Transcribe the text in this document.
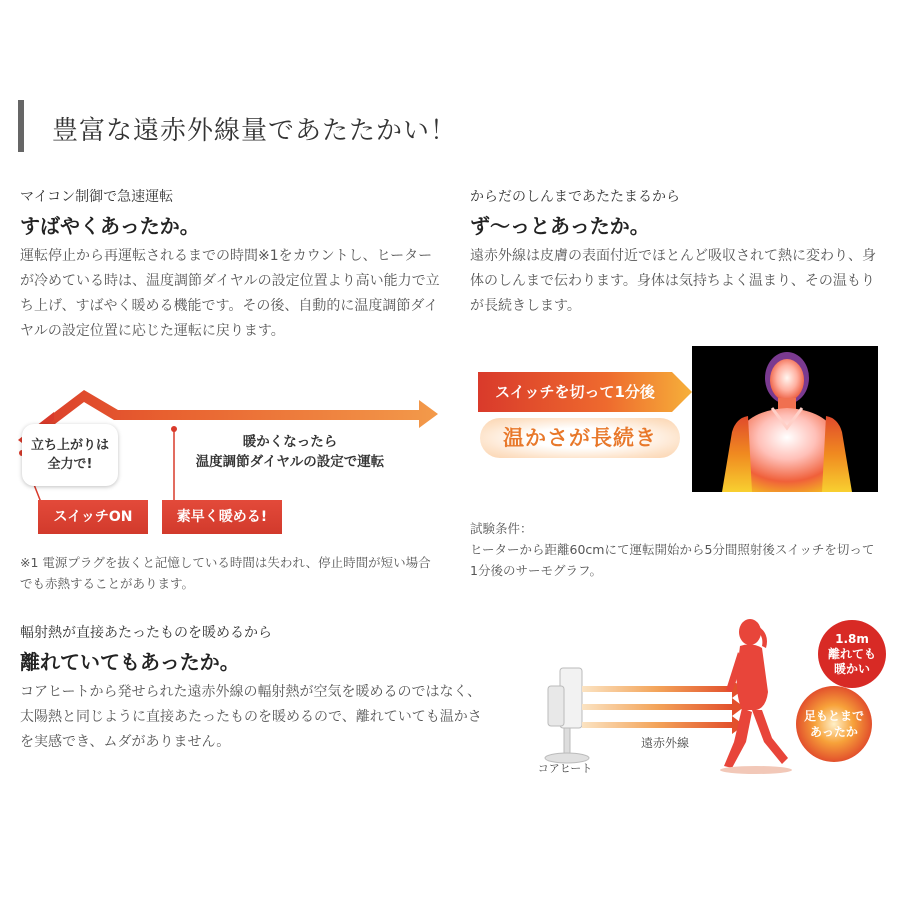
豊富な遠赤外線量であたたかい！
マイコン制御で急速運転
すばやくあったか。
運転停止から再運転されるまでの時間※1をカウントし、ヒーターが冷めている時は、温度調節ダイヤルの設定位置より高い能力で立ち上げ、すばやく暖める機能です。その後、自動的に温度調節ダイヤルの設定位置に応じた運転に戻ります。
立ち上がりは
全力で!
暖かくなったら
温度調節ダイヤルの設定で運転
スイッチON	素早く暖める!
※1 電源プラグを抜くと記憶している時間は失われ、停止時間が短い場合でも赤熱することがあります。
からだのしんまであたたまるから
ず〜っとあったか。
遠赤外線は皮膚の表面付近でほとんど吸収されて熱に変わり、身体のしんまで伝わります。身体は気持ちよく温まり、その温もりが長続きします。
スイッチを切って1分後
温かさが長続き
試験条件：
ヒーターから距離60cmにて運転開始から5分間照射後スイッチを切って1分後のサーモグラフ。
輻射熱が直接あたったものを暖めるから
離れていてもあったか。
コアヒートから発せられた遠赤外線の輻射熱が空気を暖めるのではなく、太陽熱と同じように直接あたったものを暖めるので、離れていても温かさを実感でき、ムダがありません。
コアヒート
遠赤外線
1.8m
離れても
暖かい
足もとまで
あったか
